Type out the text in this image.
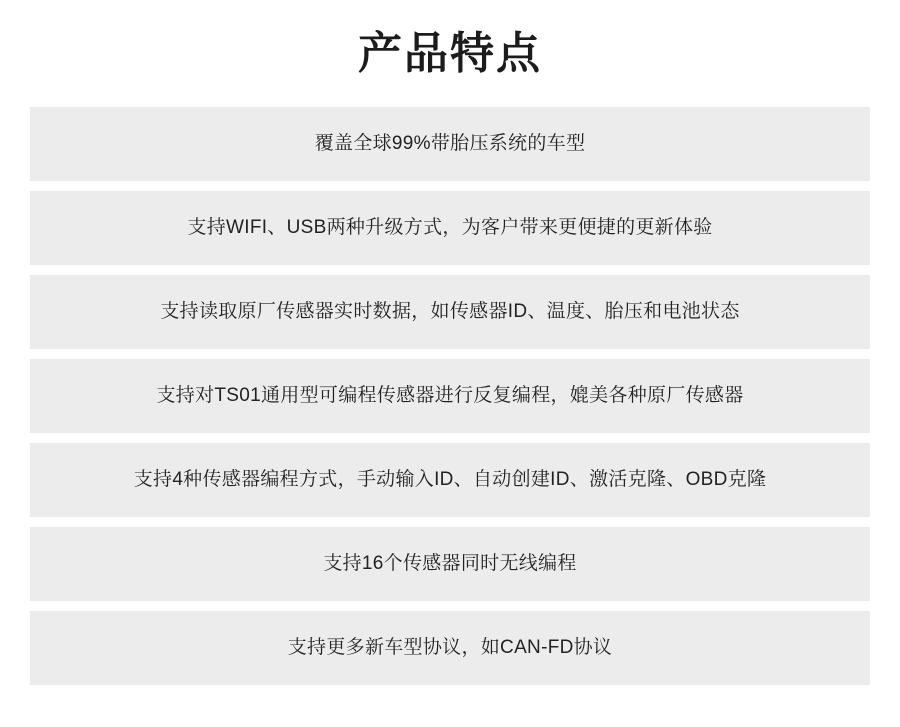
产品特点
覆盖全球99%带胎压系统的车型
支持WIFI、USB两种升级方式，为客户带来更便捷的更新体验
支持读取原厂传感器实时数据，如传感器ID、温度、胎压和电池状态
支持对TS01通用型可编程传感器进行反复编程，媲美各种原厂传感器
支持4种传感器编程方式，手动输入ID、自动创建ID、激活克隆、OBD克隆
支持16个传感器同时无线编程
支持更多新车型协议，如CAN-FD协议
